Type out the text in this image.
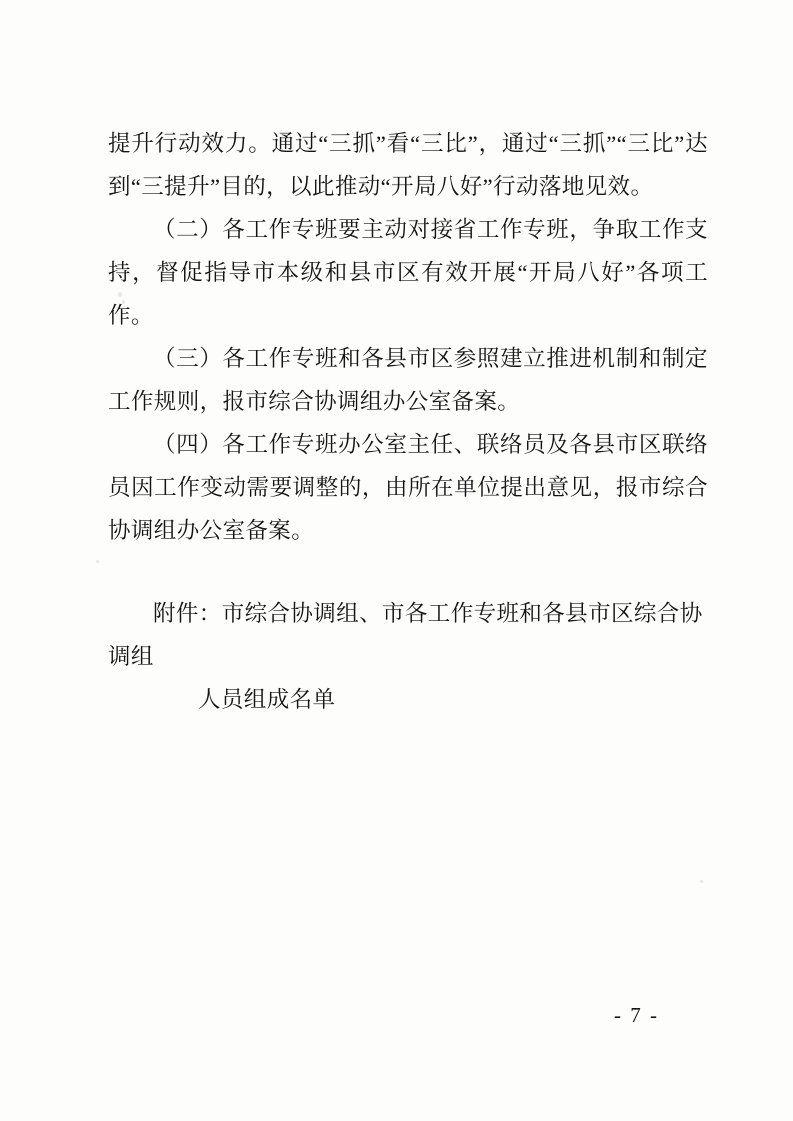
提升行动效力。通过“三抓”看“三比”，通过“三抓”“三比”达到“三提升”目的，以此推动“开局八好”行动落地见效。

（二）各工作专班要主动对接省工作专班，争取工作支持，督促指导市本级和县市区有效开展“开局八好”各项工作。

（三）各工作专班和各县市区参照建立推进机制和制定工作规则，报市综合协调组办公室备案。

（四）各工作专班办公室主任、联络员及各县市区联络员因工作变动需要调整的，由所在单位提出意见，报市综合协调组办公室备案。

附件：市综合协调组、市各工作专班和各县市区综合协调组
人员组成名单
- 7 -
